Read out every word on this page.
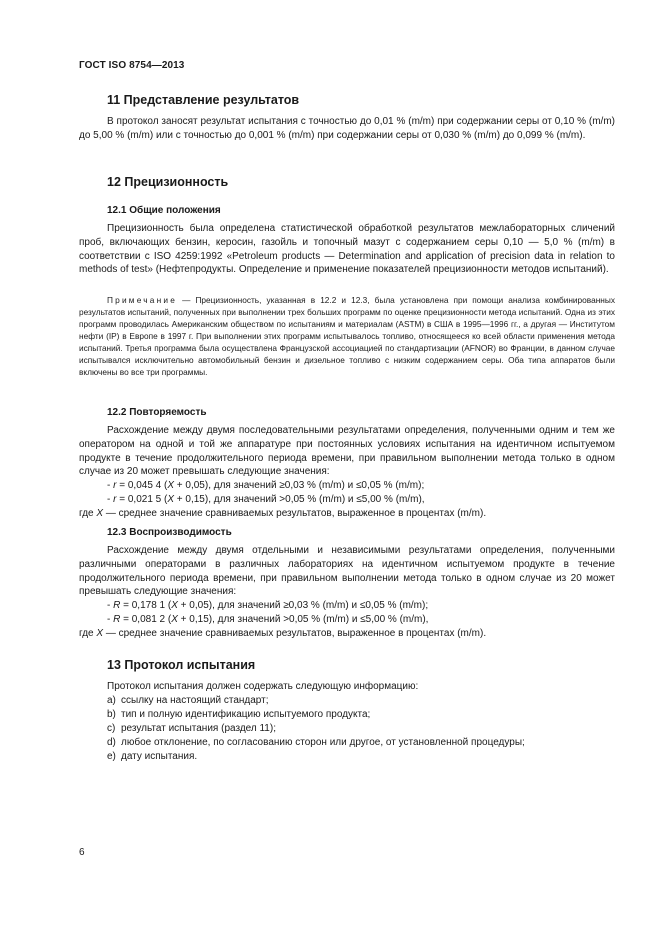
ГОСТ ISO 8754—2013
11 Представление результатов
В протокол заносят результат испытания с точностью до 0,01 % (m/m) при содержании серы от 0,10 % (m/m) до 5,00 % (m/m) или с точностью до 0,001 % (m/m) при содержании серы от 0,030 % (m/m) до 0,099 % (m/m).
12 Прецизионность
12.1 Общие положения
Прецизионность была определена статистической обработкой результатов межлабораторных сличений проб, включающих бензин, керосин, газойль и топочный мазут с содержанием серы 0,10 — 5,0 % (m/m) в соответствии с ISO 4259:1992 «Petroleum products — Determination and application of precision data in relation to methods of test» (Нефтепродукты. Определение и применение показателей прецизионности методов испытаний).
Примечание — Прецизионность, указанная в 12.2 и 12.3, была установлена при помощи анализа комбинированных результатов испытаний, полученных при выполнении трех больших программ по оценке прецизионности метода испытаний. Одна из этих программ проводилась Американским обществом по испытаниям и материалам (ASTM) в США в 1995—1996 гг., а другая — Институтом нефти (IP) в Европе в 1997 г. При выполнении этих программ испытывалось топливо, относящееся ко всей области применения метода испытаний. Третья программа была осуществлена Французской ассоциацией по стандартизации (AFNOR) во Франции, в данном случае испытывался исключительно автомобильный бензин и дизельное топливо с низким содержанием серы. Оба типа аппаратов были включены во все три программы.
12.2 Повторяемость
Расхождение между двумя последовательными результатами определения, полученными одним и тем же оператором на одной и той же аппаратуре при постоянных условиях испытания на идентичном испытуемом продукте в течение продолжительного периода времени, при правильном выполнении метода только в одном случае из 20 может превышать следующие значения:
- r = 0,045 4 (X + 0,05), для значений ≥0,03 % (m/m) и ≤0,05 % (m/m);
- r = 0,021 5 (X + 0,15), для значений >0,05 % (m/m) и ≤5,00 % (m/m),
где X — среднее значение сравниваемых результатов, выраженное в процентах (m/m).
12.3 Воспроизводимость
Расхождение между двумя отдельными и независимыми результатами определения, полученными различными операторами в различных лабораториях на идентичном испытуемом продукте в течение продолжительного периода времени, при правильном выполнении метода только в одном случае из 20 может превышать следующие значения:
- R = 0,178 1 (X + 0,05), для значений ≥0,03 % (m/m) и ≤0,05 % (m/m);
- R = 0,081 2 (X + 0,15), для значений >0,05 % (m/m) и ≤5,00 % (m/m),
где X — среднее значение сравниваемых результатов, выраженное в процентах (m/m).
13 Протокол испытания
Протокол испытания должен содержать следующую информацию:
a) ссылку на настоящий стандарт;
b) тип и полную идентификацию испытуемого продукта;
c) результат испытания (раздел 11);
d) любое отклонение, по согласованию сторон или другое, от установленной процедуры;
e) дату испытания.
6
